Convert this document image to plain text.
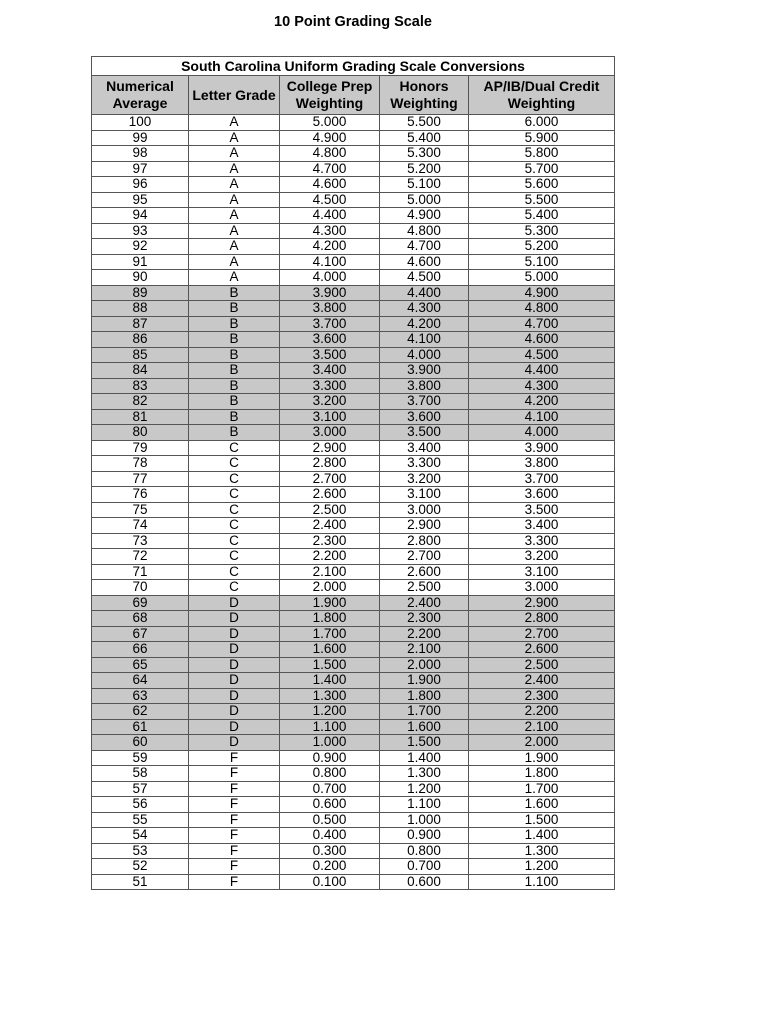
10 Point Grading Scale
South Carolina Uniform Grading Scale Conversions				
Numerical Average	Letter Grade	College Prep Weighting	Honors Weighting	AP/IB/Dual Credit Weighting
100	A	5.000	5.500	6.000
99	A	4.900	5.400	5.900
98	A	4.800	5.300	5.800
97	A	4.700	5.200	5.700
96	A	4.600	5.100	5.600
95	A	4.500	5.000	5.500
94	A	4.400	4.900	5.400
93	A	4.300	4.800	5.300
92	A	4.200	4.700	5.200
91	A	4.100	4.600	5.100
90	A	4.000	4.500	5.000
89	B	3.900	4.400	4.900
88	B	3.800	4.300	4.800
87	B	3.700	4.200	4.700
86	B	3.600	4.100	4.600
85	B	3.500	4.000	4.500
84	B	3.400	3.900	4.400
83	B	3.300	3.800	4.300
82	B	3.200	3.700	4.200
81	B	3.100	3.600	4.100
80	B	3.000	3.500	4.000
79	C	2.900	3.400	3.900
78	C	2.800	3.300	3.800
77	C	2.700	3.200	3.700
76	C	2.600	3.100	3.600
75	C	2.500	3.000	3.500
74	C	2.400	2.900	3.400
73	C	2.300	2.800	3.300
72	C	2.200	2.700	3.200
71	C	2.100	2.600	3.100
70	C	2.000	2.500	3.000
69	D	1.900	2.400	2.900
68	D	1.800	2.300	2.800
67	D	1.700	2.200	2.700
66	D	1.600	2.100	2.600
65	D	1.500	2.000	2.500
64	D	1.400	1.900	2.400
63	D	1.300	1.800	2.300
62	D	1.200	1.700	2.200
61	D	1.100	1.600	2.100
60	D	1.000	1.500	2.000
59	F	0.900	1.400	1.900
58	F	0.800	1.300	1.800
57	F	0.700	1.200	1.700
56	F	0.600	1.100	1.600
55	F	0.500	1.000	1.500
54	F	0.400	0.900	1.400
53	F	0.300	0.800	1.300
52	F	0.200	0.700	1.200
51	F	0.100	0.600	1.100
